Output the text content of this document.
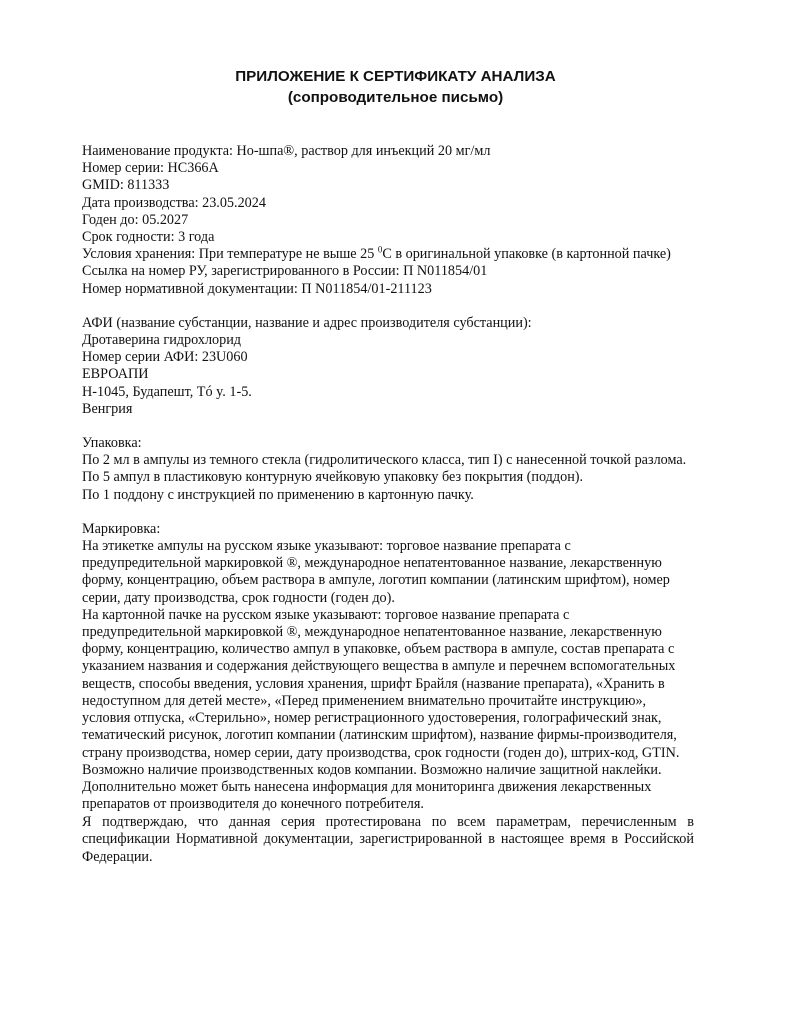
ПРИЛОЖЕНИЕ К СЕРТИФИКАТУ АНАЛИЗА
(сопроводительное письмо)
Наименование продукта: Но-шпа®, раствор для инъекций 20 мг/мл
Номер серии: HC366A
GMID: 811333
Дата производства: 23.05.2024
Годен до: 05.2027
Срок годности: 3 года
Условия хранения: При температуре не выше 25 $^0$С в оригинальной упаковке (в картонной пачке)
Ссылка на номер РУ, зарегистрированного в России: П N011854/01
Номер нормативной документации: П N011854/01-211123
АФИ (название субстанции, название и адрес производителя субстанции):
Дротаверина гидрохлорид
Номер серии АФИ: 23U060
ЕВРОАПИ
H-1045, Будапешт, Tó y. 1-5.
Венгрия
Упаковка:
По 2 мл в ампулы из темного стекла (гидролитического класса, тип I) с нанесенной точкой разлома.
По 5 ампул в пластиковую контурную ячейковую упаковку без покрытия (поддон).
По 1 поддону с инструкцией по применению в картонную пачку.
Маркировка:
На этикетке ампулы на русском языке указывают: торговое название препарата с
предупредительной маркировкой ®, международное непатентованное название, лекарственную
форму, концентрацию, объем раствора в ампуле, логотип компании (латинским шрифтом), номер
серии, дату производства, срок годности (годен до).
На картонной пачке на русском языке указывают: торговое название препарата с
предупредительной маркировкой ®, международное непатентованное название, лекарственную
форму, концентрацию, количество ампул в упаковке, объем раствора в ампуле, состав препарата с
указанием названия и содержания действующего вещества в ампуле и перечнем вспомогательных
веществ, способы введения, условия хранения, шрифт Брайля (название препарата), «Хранить в
недоступном для детей месте», «Перед применением внимательно прочитайте инструкцию»,
условия отпуска, «Стерильно», номер регистрационного удостоверения, голографический знак,
тематический рисунок, логотип компании (латинским шрифтом), название фирмы-производителя,
страну производства, номер серии, дату производства, срок годности (годен до), штрих-код, GTIN.
Возможно наличие производственных кодов компании. Возможно наличие защитной наклейки.
Дополнительно может быть нанесена информация для мониторинга движения лекарственных
препаратов от производителя до конечного потребителя.
Я подтверждаю, что данная серия протестирована по всем параметрам, перечисленным в
спецификации Нормативной документации, зарегистрированной в настоящее время в Российской
Федерации.
